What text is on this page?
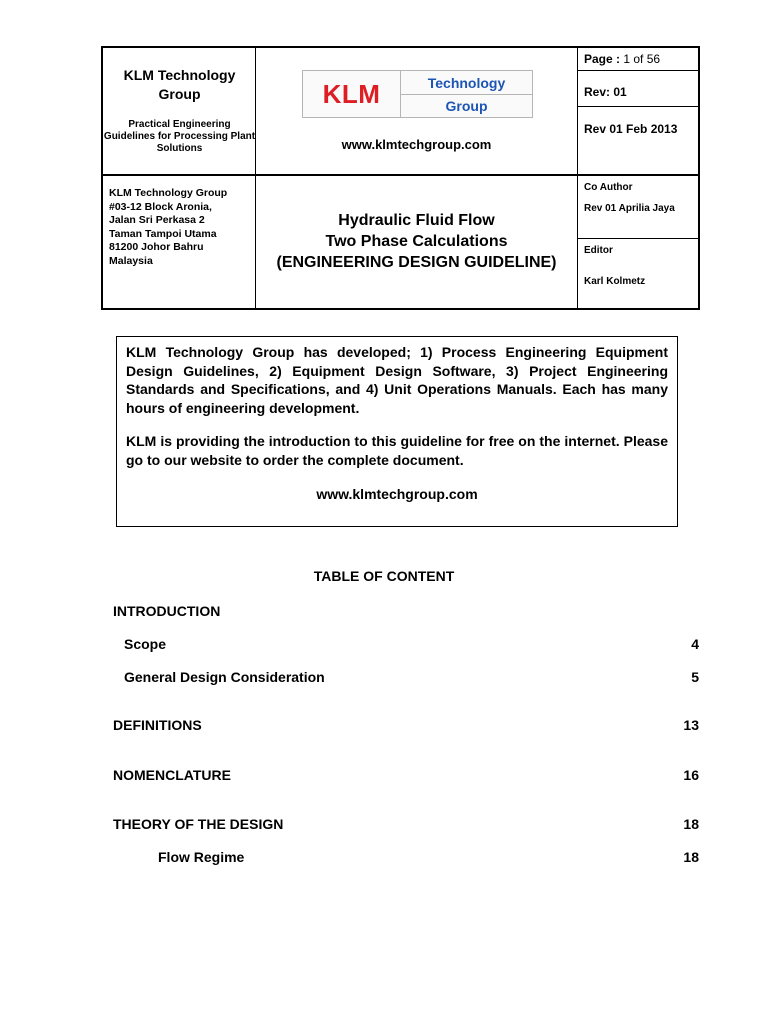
KLM Technology Group
Practical Engineering Guidelines for Processing Plant Solutions
KLM	Technology
Group
www.klmtechgroup.com
Page : 1 of 56
Rev: 01
Rev 01 Feb 2013
KLM Technology Group
#03-12 Block Aronia,
Jalan Sri Perkasa 2
Taman Tampoi Utama
81200 Johor Bahru
Malaysia
Hydraulic Fluid Flow
Two Phase Calculations
(ENGINEERING DESIGN GUIDELINE)
Co Author
Rev 01 Aprilia Jaya
Editor
Karl Kolmetz

KLM Technology Group has developed; 1) Process Engineering Equipment Design Guidelines, 2) Equipment Design Software, 3) Project Engineering Standards and Specifications, and 4) Unit Operations Manuals. Each has many hours of engineering development.

KLM is providing the introduction to this guideline for free on the internet. Please go to our website to order the complete document.

www.klmtechgroup.com

TABLE OF CONTENT
INTRODUCTION
Scope	4
General Design Consideration	5
DEFINITIONS	13
NOMENCLATURE	16
THEORY OF THE DESIGN	18
Flow Regime	18
